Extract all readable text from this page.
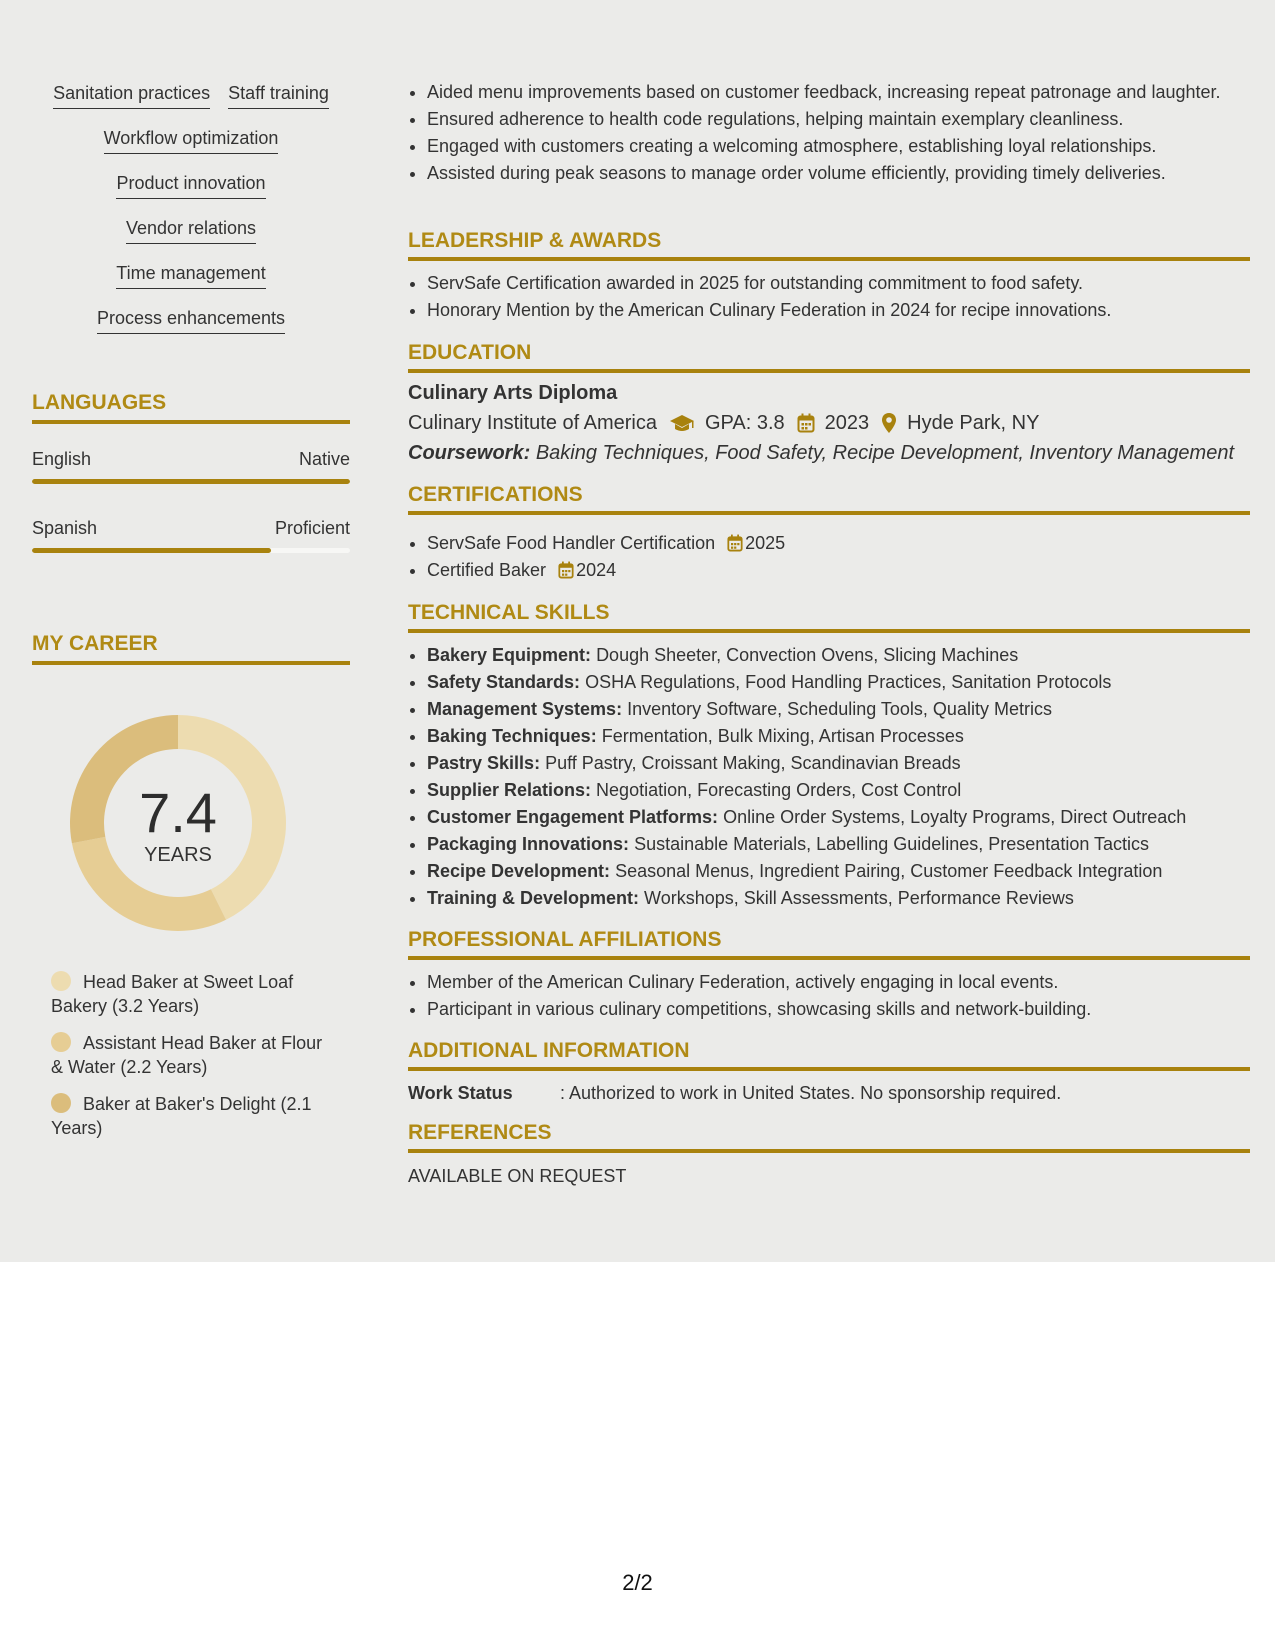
Sanitation practices Staff training
Workflow optimization
Product innovation
Vendor relations
Time management
Process enhancements
LANGUAGES
English	Native
Spanish	Proficient
MY CAREER
7.4
YEARS
Head Baker at Sweet Loaf Bakery (3.2 Years)
Assistant Head Baker at Flour & Water (2.2 Years)
Baker at Baker's Delight (2.1 Years)
• Aided menu improvements based on customer feedback, increasing repeat patronage and laughter.
• Ensured adherence to health code regulations, helping maintain exemplary cleanliness.
• Engaged with customers creating a welcoming atmosphere, establishing loyal relationships.
• Assisted during peak seasons to manage order volume efficiently, providing timely deliveries.
LEADERSHIP & AWARDS
• ServSafe Certification awarded in 2025 for outstanding commitment to food safety.
• Honorary Mention by the American Culinary Federation in 2024 for recipe innovations.
EDUCATION
Culinary Arts Diploma
Culinary Institute of America GPA: 3.8 2023 Hyde Park, NY
Coursework: Baking Techniques, Food Safety, Recipe Development, Inventory Management
CERTIFICATIONS
• ServSafe Food Handler Certification 2025
• Certified Baker 2024
TECHNICAL SKILLS
• Bakery Equipment: Dough Sheeter, Convection Ovens, Slicing Machines
• Safety Standards: OSHA Regulations, Food Handling Practices, Sanitation Protocols
• Management Systems: Inventory Software, Scheduling Tools, Quality Metrics
• Baking Techniques: Fermentation, Bulk Mixing, Artisan Processes
• Pastry Skills: Puff Pastry, Croissant Making, Scandinavian Breads
• Supplier Relations: Negotiation, Forecasting Orders, Cost Control
• Customer Engagement Platforms: Online Order Systems, Loyalty Programs, Direct Outreach
• Packaging Innovations: Sustainable Materials, Labelling Guidelines, Presentation Tactics
• Recipe Development: Seasonal Menus, Ingredient Pairing, Customer Feedback Integration
• Training & Development: Workshops, Skill Assessments, Performance Reviews
PROFESSIONAL AFFILIATIONS
• Member of the American Culinary Federation, actively engaging in local events.
• Participant in various culinary competitions, showcasing skills and network-building.
ADDITIONAL INFORMATION
Work Status	: Authorized to work in United States. No sponsorship required.
REFERENCES
AVAILABLE ON REQUEST
2/2
